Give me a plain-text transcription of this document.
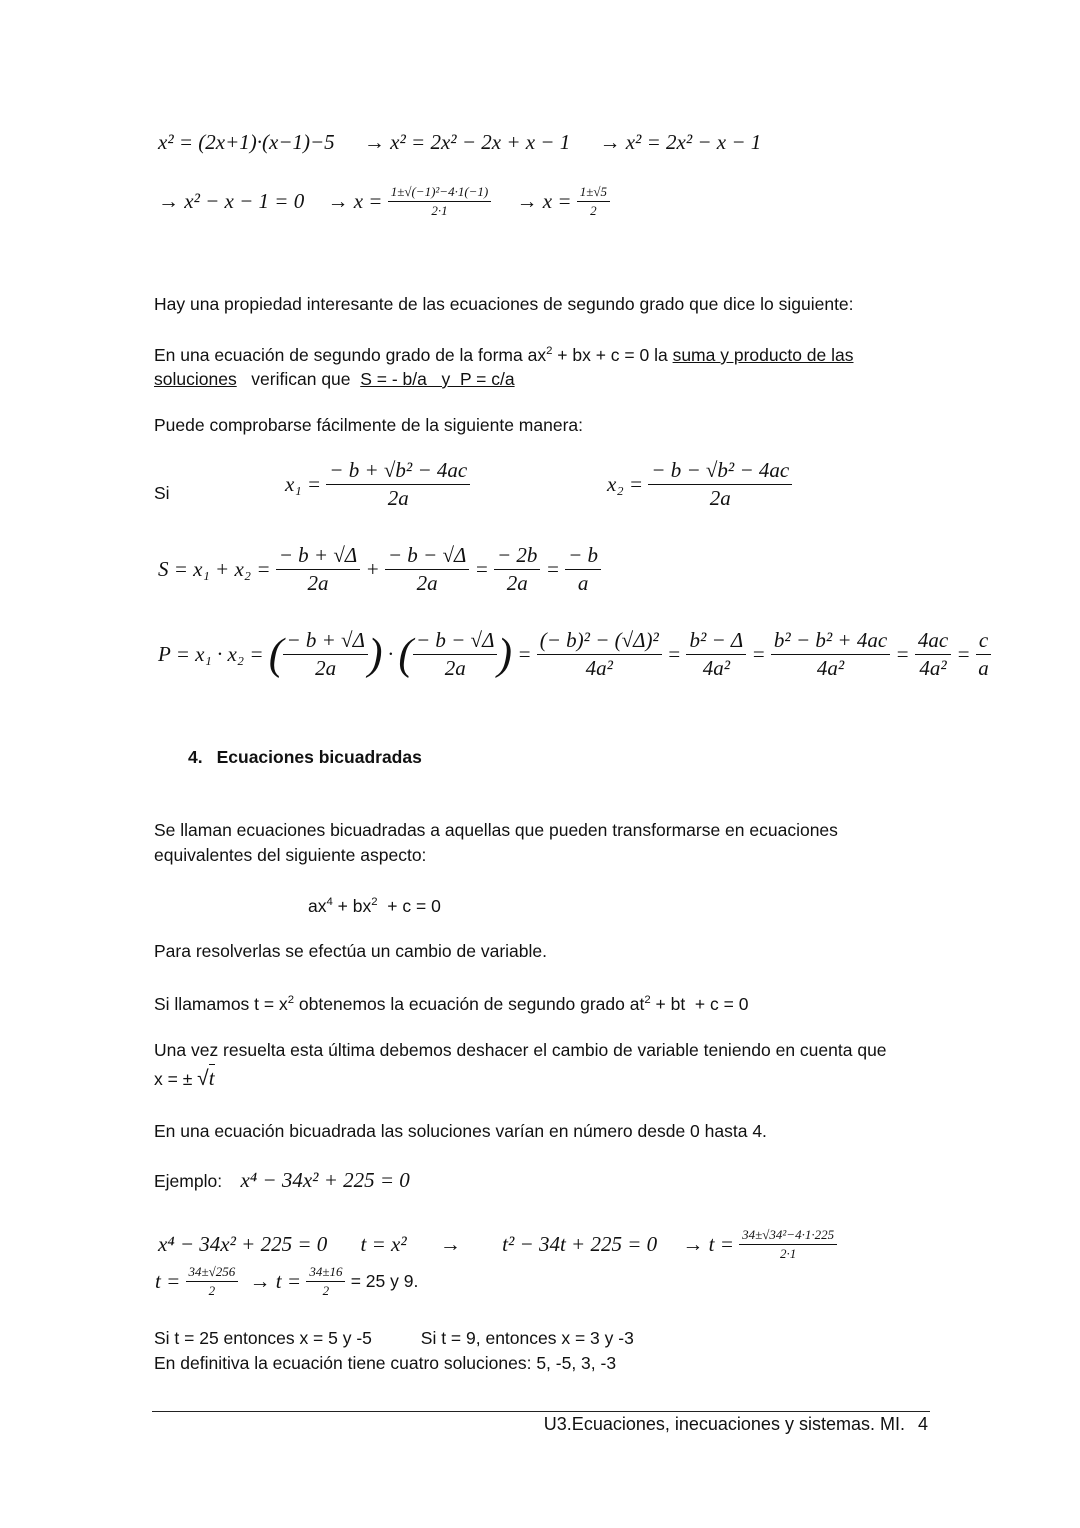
x² = (2x+1)·(x−1)−5 → x² = 2x² − 2x + x − 1 → x² = 2x² − x − 1
→ $x^2 - x - 1 = 0 \to x = \frac{\text{1±√(−1)²−4·1(−1)}}{2\cdot 1} \to x = \frac{1\pm√5}{2}$
Hay una propiedad interesante de las ecuaciones de segundo grado que dice lo siguiente:
En una ecuación de segundo grado de la forma $ax^2$ + bx + c = 0 la suma y producto de las
soluciones   verifican que  S = - b/a   y  P = c/a
Puede comprobarse fácilmente de la siguiente manera:
Si	$x_1 = \frac{\text{− b + √b² − 4ac}}{2a}$	$x_2 = \frac{\text{− b − √b² − 4ac}}{2a}$
$S = x_1 + x_2 = \frac{- b + √\Delta}{2a} + \frac{- b - √\Delta}{2a} = \frac{- 2b}{2a} = \frac{- b}{a}$
P = x₁ · x₂ = ( $\frac{- b + √\Delta}{2a}$ ) · ( $\frac{- b - √\Delta}{2a}$ ) = $\frac{\text{(− b)² − (√Δ)²}}{\text{4a²}} = \frac{\text{b² − Δ}}{\text{4a²}} = \frac{\text{b² − b² + 4ac}}{\text{4a²}} = \frac{4ac}{\text{4a²}} = \frac{c}{a}$
4. Ecuaciones bicuadradas
Se llaman ecuaciones bicuadradas a aquellas que pueden transformarse en ecuaciones
equivalentes del siguiente aspecto:
$ax^4 + bx^2 + c = 0$
Para resolverlas se efectúa un cambio de variable.
Si llamamos $t = x^2$ obtenemos la ecuación de segundo grado $at^2$ + bt  + c = 0
Una vez resuelta esta última debemos deshacer el cambio de variable teniendo en cuenta que
x = ± √t
En una ecuación bicuadrada las soluciones varían en número desde 0 hasta 4.
Ejemplo: x⁴ − 34x² + 225 = 0
x⁴ − 34x² + 225 = 0 $t = x^2 \to t^2 - 34t + 225 = 0 \to t = \frac{\text{34±√34²−4·1·225}}{2\cdot 1}$
$t = \frac{34\pm√256}{2} \to t = \frac{34\pm 16}{2} = 25$ y 9.
Si t = 25 entonces x = 5 y -5	Si t = 9, entonces x = 3 y -3
En definitiva la ecuación tiene cuatro soluciones: 5, -5, 3, -3
U3.Ecuaciones, inecuaciones y sistemas. MI. 4
